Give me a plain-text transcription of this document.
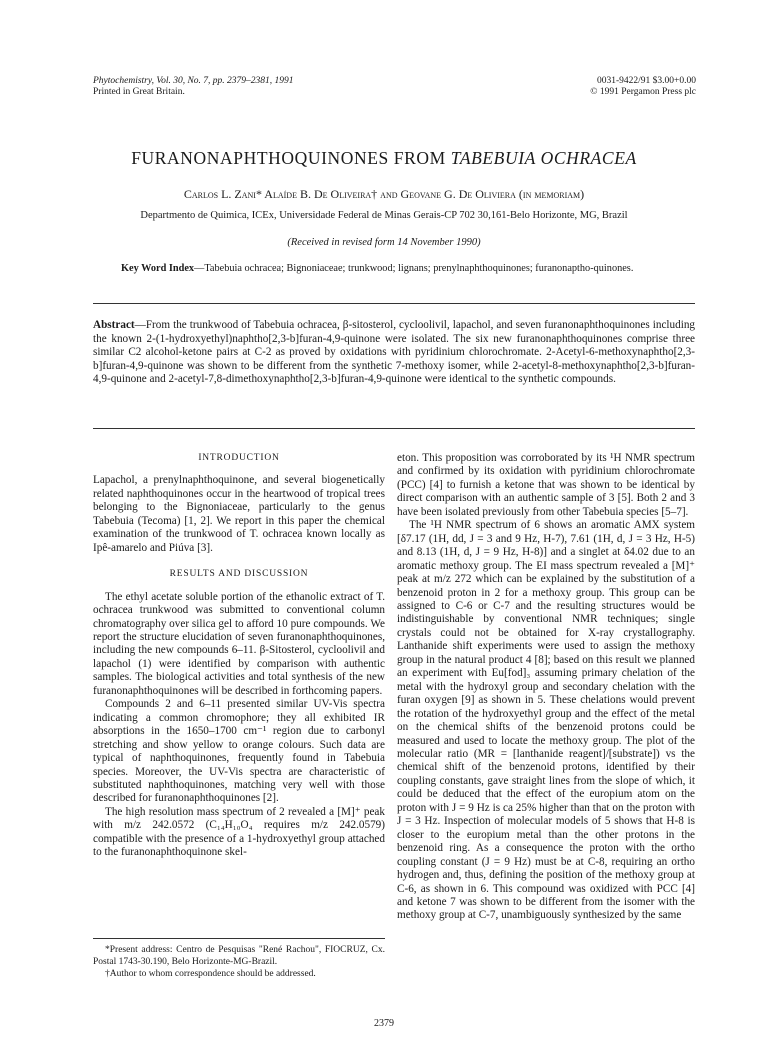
Phytochemistry, Vol. 30, No. 7, pp. 2379–2381, 1991
Printed in Great Britain.
0031-9422/91 $3.00+0.00
© 1991 Pergamon Press plc
FURANONAPHTHOQUINONES FROM TABEBUIA OCHRACEA
Carlos L. Zani* Alaíde B. De Oliveira† and Geovane G. De Oliviera (in memoriam)
Departmento de Quimica, ICEx, Universidade Federal de Minas Gerais-CP 702 30,161-Belo Horizonte, MG, Brazil
(Received in revised form 14 November 1990)
Key Word Index—Tabebuia ochracea; Bignoniaceae; trunkwood; lignans; prenylnaphthoquinones; furanonaptho-quinones.
Abstract—From the trunkwood of Tabebuia ochracea, β-sitosterol, cycloolivil, lapachol, and seven furanonaphthoquinones including the known 2-(1-hydroxyethyl)naphtho[2,3-b]furan-4,9-quinone were isolated. The six new furanonaphthoquinones comprise three similar C2 alcohol-ketone pairs at C-2 as proved by oxidations with pyridinium chlorochromate. 2-Acetyl-6-methoxynaphtho[2,3-b]furan-4,9-quinone was shown to be different from the synthetic 7-methoxy isomer, while 2-acetyl-8-methoxynaphtho[2,3-b]furan-4,9-quinone and 2-acetyl-7,8-dimethoxynaphtho[2,3-b]furan-4,9-quinone were identical to the synthetic compounds.
INTRODUCTION

Lapachol, a prenylnaphthoquinone, and several biogenetically related naphthoquinones occur in the heartwood of tropical trees belonging to the Bignoniaceae, particularly to the genus Tabebuia (Tecoma) [1, 2]. We report in this paper the chemical examination of the trunkwood of T. ochracea known locally as Ipê-amarelo and Piúva [3].

RESULTS AND DISCUSSION

The ethyl acetate soluble portion of the ethanolic extract of T. ochracea trunkwood was submitted to conventional column chromatography over silica gel to afford 10 pure compounds. We report the structure elucidation of seven furanonaphthoquinones, including the new compounds 6–11. β-Sitosterol, cycloolivil and lapachol (1) were identified by comparison with authentic samples. The biological activities and total synthesis of the new furanonaphthoquinones will be described in forthcoming papers.

Compounds 2 and 6–11 presented similar UV-Vis spectra indicating a common chromophore; they all exhibited IR absorptions in the 1650–1700 cm⁻¹ region due to carbonyl stretching and show yellow to orange colours. Such data are typical of naphthoquinones, frequently found in Tabebuia species. Moreover, the UV-Vis spectra are characteristic of substituted naphthoquinones, matching very well with those described for furanonaphthoquinones [2].

The high resolution mass spectrum of 2 revealed a [M]⁺ peak with m/z 242.0572 (C₁₄H₁₀O₄ requires m/z 242.0579) compatible with the presence of a 1-hydroxyethyl group attached to the furanonaphthoquinone skel-

eton. This proposition was corroborated by its ¹H NMR spectrum and confirmed by its oxidation with pyridinium chlorochromate (PCC) [4] to furnish a ketone that was shown to be identical by direct comparison with an authentic sample of 3 [5]. Both 2 and 3 have been isolated previously from other Tabebuia species [5–7].

The ¹H NMR spectrum of 6 shows an aromatic AMX system [δ7.17 (1H, dd, J = 3 and 9 Hz, H-7), 7.61 (1H, d, J = 3 Hz, H-5) and 8.13 (1H, d, J = 9 Hz, H-8)] and a singlet at δ4.02 due to an aromatic methoxy group. The EI mass spectrum revealed a [M]⁺ peak at m/z 272 which can be explained by the substitution of a benzenoid proton in 2 for a methoxy group. This group can be assigned to C-6 or C-7 and the resulting structures would be indistinguishable by conventional NMR techniques; single crystals could not be obtained for X-ray crystallography. Lanthanide shift experiments were used to assign the methoxy group in the natural product 4 [8]; based on this result we planned an experiment with Eu[fod]₃ assuming primary chelation of the metal with the hydroxyl group and secondary chelation with the furan oxygen [9] as shown in 5. These chelations would prevent the rotation of the hydroxyethyl group and the effect of the metal on the chemical shifts of the benzenoid protons could be measured and used to locate the methoxy group. The plot of the molecular ratio (MR = [lanthanide reagent]/[substrate]) vs the chemical shift of the benzenoid protons, identified by their coupling constants, gave straight lines from the slope of which, it could be deduced that the effect of the europium atom on the proton with J = 9 Hz is ca 25% higher than that on the proton with J = 3 Hz. Inspection of molecular models of 5 shows that H-8 is closer to the europium metal than the other protons in the benzenoid ring. As a consequence the proton with the ortho coupling constant (J = 9 Hz) must be at C-8, requiring an ortho hydrogen and, thus, defining the position of the methoxy group at C-6, as shown in 6. This compound was oxidized with PCC [4] and ketone 7 was shown to be different from the isomer with the methoxy group at C-7, unambiguously synthesized by the same

*Present address: Centro de Pesquisas "René Rachou", FIOCRUZ, Cx. Postal 1743-30.190, Belo Horizonte-MG-Brazil.

†Author to whom correspondence should be addressed.

2379
